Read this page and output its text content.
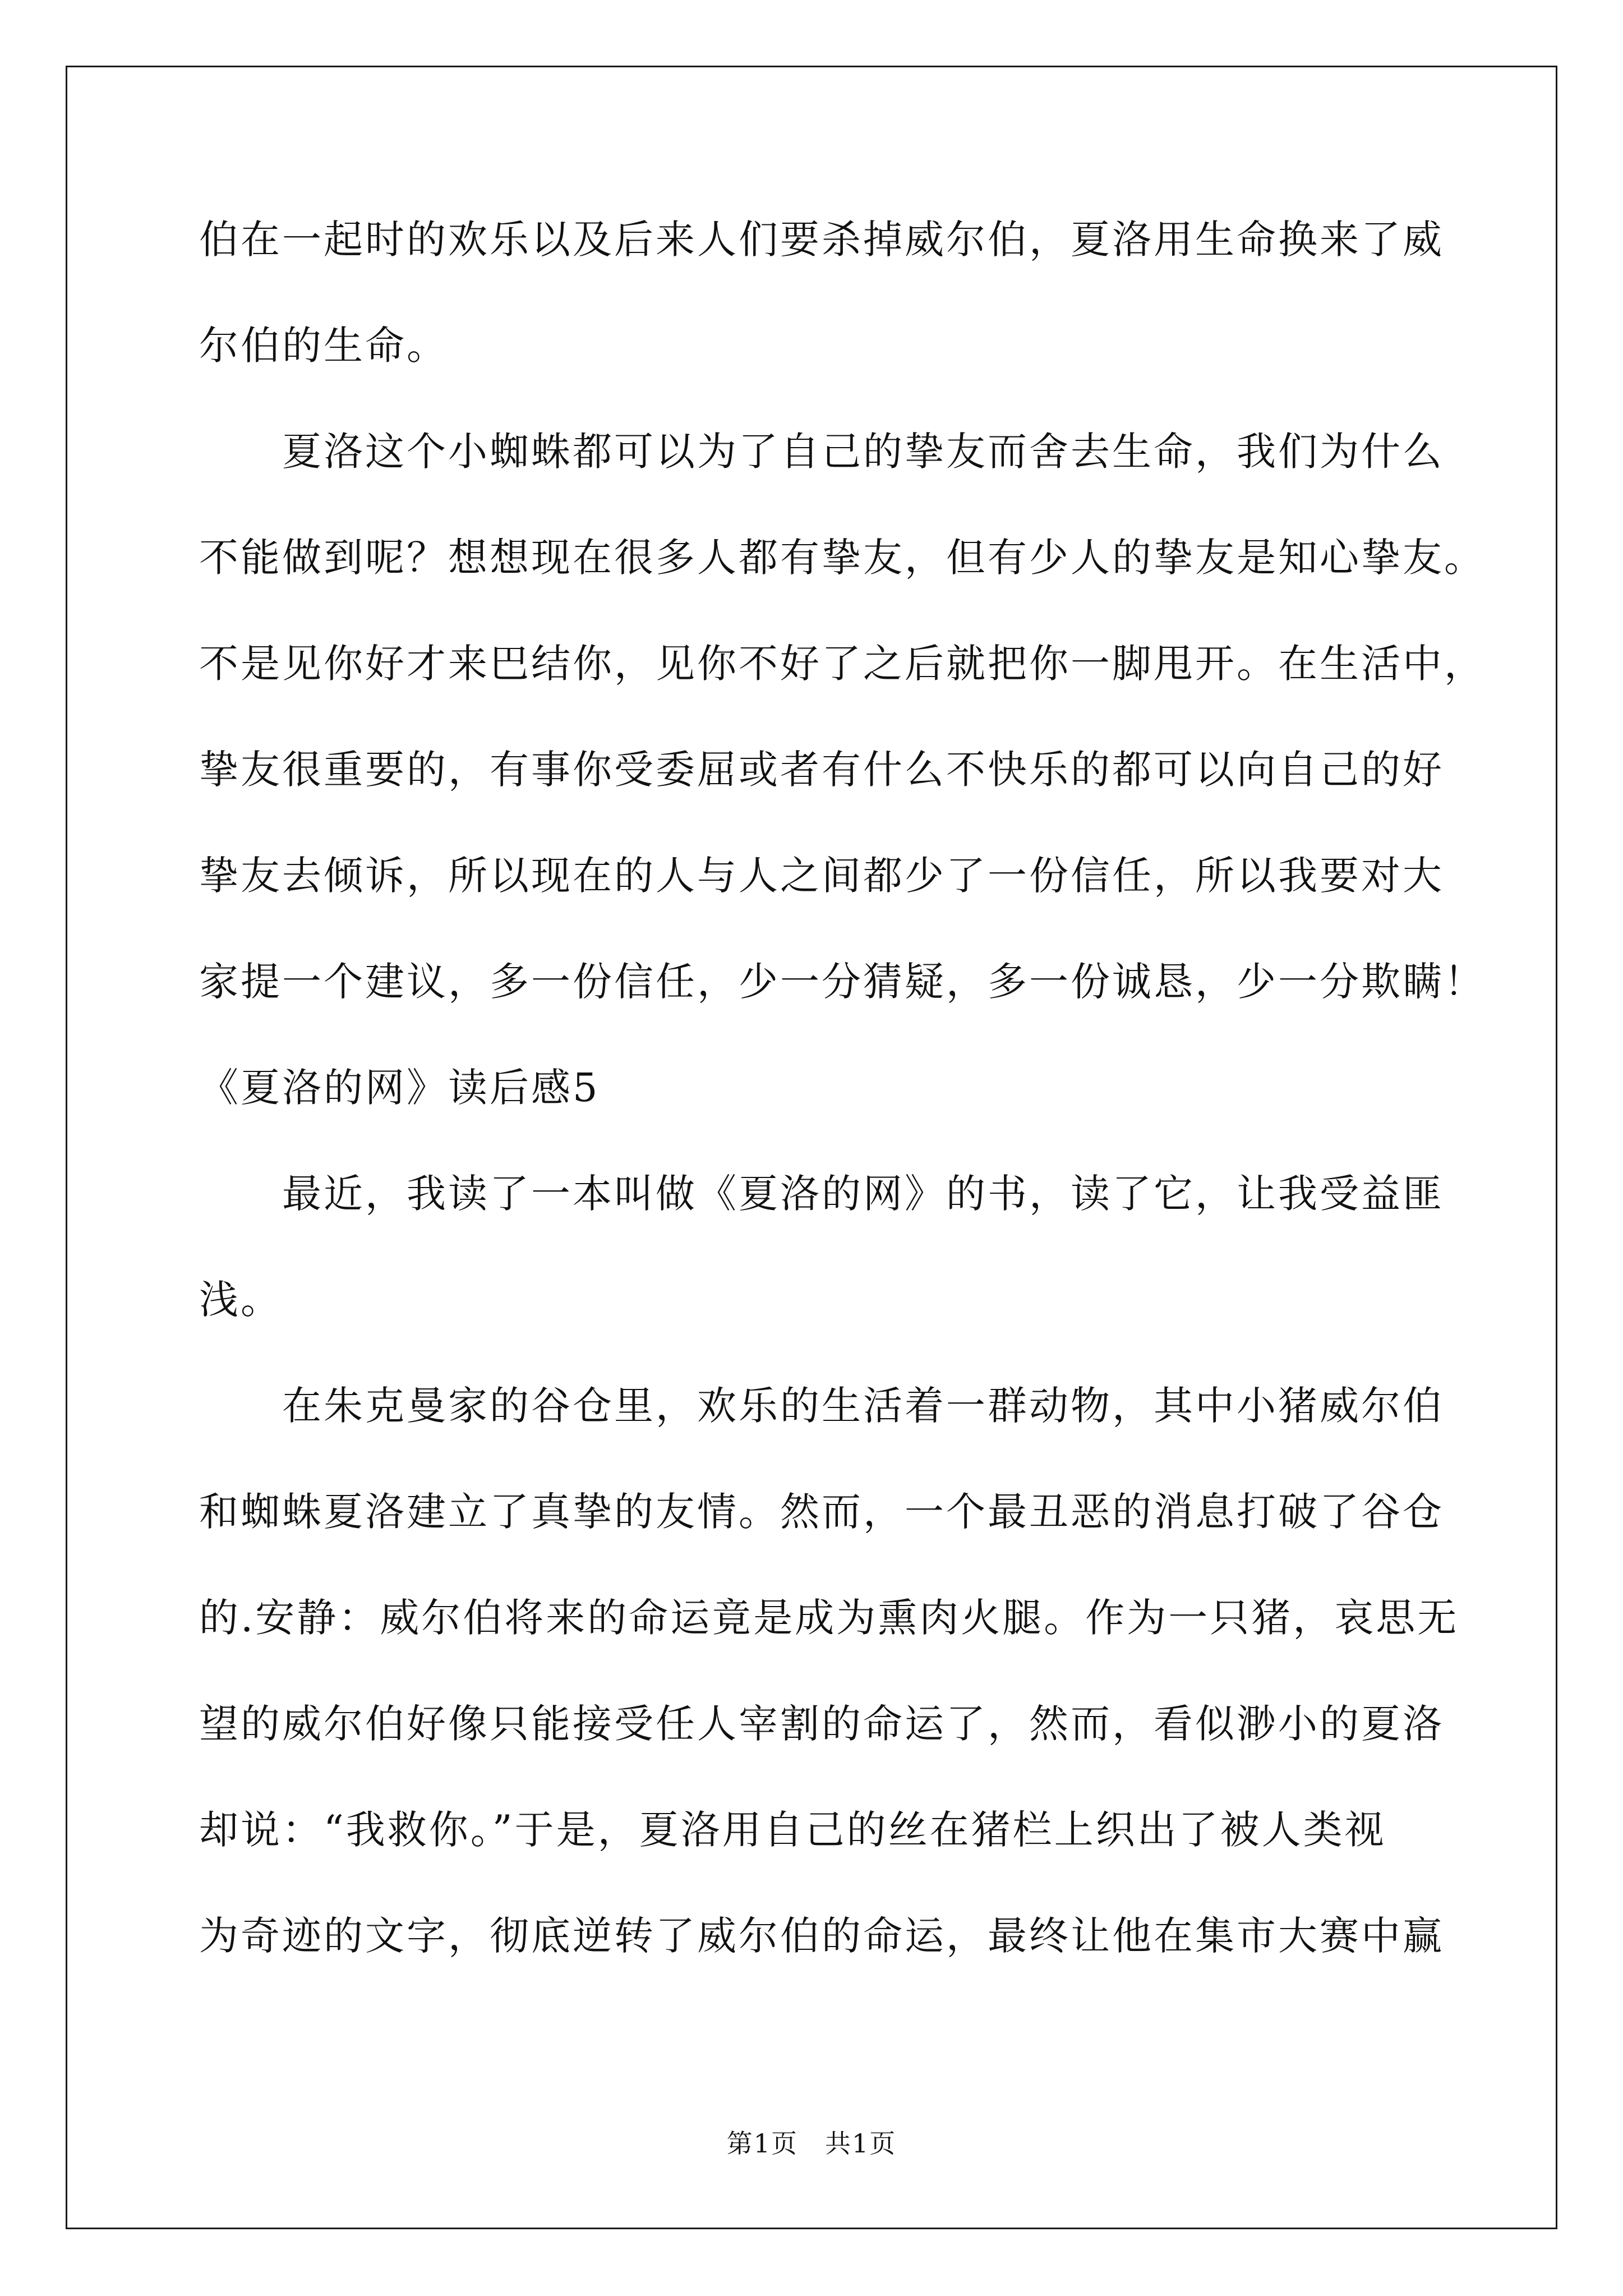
伯在一起时的欢乐以及后来人们要杀掉威尔伯，夏洛用生命换来了威
尔伯的生命。
夏洛这个小蜘蛛都可以为了自己的挚友而舍去生命，我们为什么
不能做到呢？想想现在很多人都有挚友，但有少人的挚友是知心挚友。
不是见你好才来巴结你，见你不好了之后就把你一脚甩开。在生活中，
挚友很重要的，有事你受委屈或者有什么不快乐的都可以向自己的好
挚友去倾诉，所以现在的人与人之间都少了一份信任，所以我要对大
家提一个建议，多一份信任，少一分猜疑，多一份诚恳，少一分欺瞒！
《夏洛的网》读后感5
最近，我读了一本叫做《夏洛的网》的书，读了它，让我受益匪
浅。
在朱克曼家的谷仓里，欢乐的生活着一群动物，其中小猪威尔伯
和蜘蛛夏洛建立了真挚的友情。然而，一个最丑恶的消息打破了谷仓
的.安静：威尔伯将来的命运竟是成为熏肉火腿。作为一只猪，哀思无
望的威尔伯好像只能接受任人宰割的命运了，然而，看似渺小的夏洛
却说：“我救你。”于是，夏洛用自己的丝在猪栏上织出了被人类视
为奇迹的文字，彻底逆转了威尔伯的命运，最终让他在集市大赛中赢
第1页　共1页
